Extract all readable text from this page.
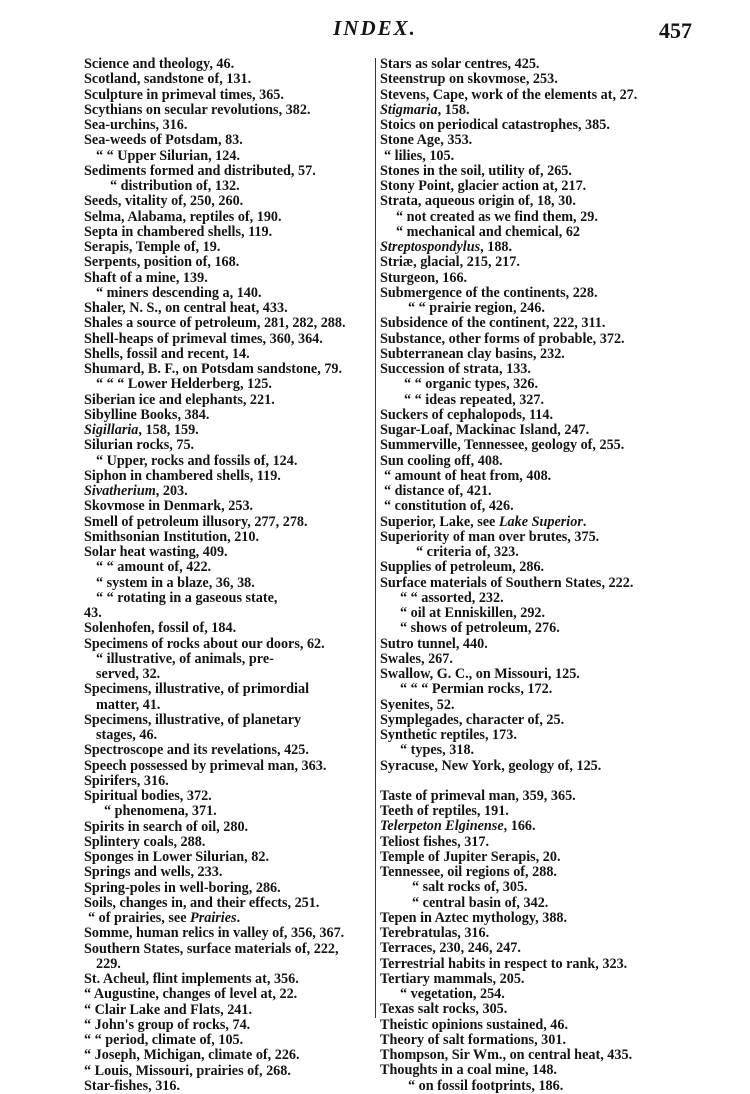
INDEX.	457
Science and theology, 46.
Scotland, sandstone of, 131.
Sculpture in primeval times, 365.
Scythians on secular revolutions, 382.
Sea-urchins, 316.
Sea-weeds of Potsdam, 83.
“ “ Upper Silurian, 124.
Sediments formed and distributed, 57.
“ distribution of, 132.
Seeds, vitality of, 250, 260.
Selma, Alabama, reptiles of, 190.
Septa in chambered shells, 119.
Serapis, Temple of, 19.
Serpents, position of, 168.
Shaft of a mine, 139.
“ miners descending a, 140.
Shaler, N. S., on central heat, 433.
Shales a source of petroleum, 281, 282, 288.
Shell-heaps of primeval times, 360, 364.
Shells, fossil and recent, 14.
Shumard, B. F., on Potsdam sandstone, 79.
“ “ “ Lower Helderberg, 125.
Siberian ice and elephants, 221.
Sibylline Books, 384.
Sigillaria, 158, 159.
Silurian rocks, 75.
“ Upper, rocks and fossils of, 124.
Siphon in chambered shells, 119.
Sivatherium, 203.
Skovmose in Denmark, 253.
Smell of petroleum illusory, 277, 278.
Smithsonian Institution, 210.
Solar heat wasting, 409.
“ “ amount of, 422.
“ system in a blaze, 36, 38.
“ “ rotating in a gaseous state,
43.
Solenhofen, fossil of, 184.
Specimens of rocks about our doors, 62.
“ illustrative, of animals, pre-
served, 32.
Specimens, illustrative, of primordial
matter, 41.
Specimens, illustrative, of planetary
stages, 46.
Spectroscope and its revelations, 425.
Speech possessed by primeval man, 363.
Spirifers, 316.
Spiritual bodies, 372.
“ phenomena, 371.
Spirits in search of oil, 280.
Splintery coals, 288.
Sponges in Lower Silurian, 82.
Springs and wells, 233.
Spring-poles in well-boring, 286.
Soils, changes in, and their effects, 251.
“ of prairies, see Prairies.
Somme, human relics in valley of, 356, 367.
Southern States, surface materials of, 222,
229.
St. Acheul, flint implements at, 356.
“ Augustine, changes of level at, 22.
“ Clair Lake and Flats, 241.
“ John's group of rocks, 74.
“ “ period, climate of, 105.
“ Joseph, Michigan, climate of, 226.
“ Louis, Missouri, prairies of, 268.
Star-fishes, 316.
Stars as solar centres, 425.
Steenstrup on skovmose, 253.
Stevens, Cape, work of the elements at, 27.
Stigmaria, 158.
Stoics on periodical catastrophes, 385.
Stone Age, 353.
“ lilies, 105.
Stones in the soil, utility of, 265.
Stony Point, glacier action at, 217.
Strata, aqueous origin of, 18, 30.
“ not created as we find them, 29.
“ mechanical and chemical, 62
Streptospondylus, 188.
Striæ, glacial, 215, 217.
Sturgeon, 166.
Submergence of the continents, 228.
“ “ prairie region, 246.
Subsidence of the continent, 222, 311.
Substance, other forms of probable, 372.
Subterranean clay basins, 232.
Succession of strata, 133.
“ “ organic types, 326.
“ “ ideas repeated, 327.
Suckers of cephalopods, 114.
Sugar-Loaf, Mackinac Island, 247.
Summerville, Tennessee, geology of, 255.
Sun cooling off, 408.
“ amount of heat from, 408.
“ distance of, 421.
“ constitution of, 426.
Superior, Lake, see Lake Superior.
Superiority of man over brutes, 375.
“ criteria of, 323.
Supplies of petroleum, 286.
Surface materials of Southern States, 222.
“ “ assorted, 232.
“ oil at Enniskillen, 292.
“ shows of petroleum, 276.
Sutro tunnel, 440.
Swales, 267.
Swallow, G. C., on Missouri, 125.
“ “ “ Permian rocks, 172.
Syenites, 52.
Symplegades, character of, 25.
Synthetic reptiles, 173.
“ types, 318.
Syracuse, New York, geology of, 125.
Taste of primeval man, 359, 365.
Teeth of reptiles, 191.
Telerpeton Elginense, 166.
Teliost fishes, 317.
Temple of Jupiter Serapis, 20.
Tennessee, oil regions of, 288.
“ salt rocks of, 305.
“ central basin of, 342.
Tepen in Aztec mythology, 388.
Terebratulas, 316.
Terraces, 230, 246, 247.
Terrestrial habits in respect to rank, 323.
Tertiary mammals, 205.
“ vegetation, 254.
Texas salt rocks, 305.
Theistic opinions sustained, 46.
Theory of salt formations, 301.
Thompson, Sir Wm., on central heat, 435.
Thoughts in a coal mine, 148.
“ on fossil footprints, 186.
